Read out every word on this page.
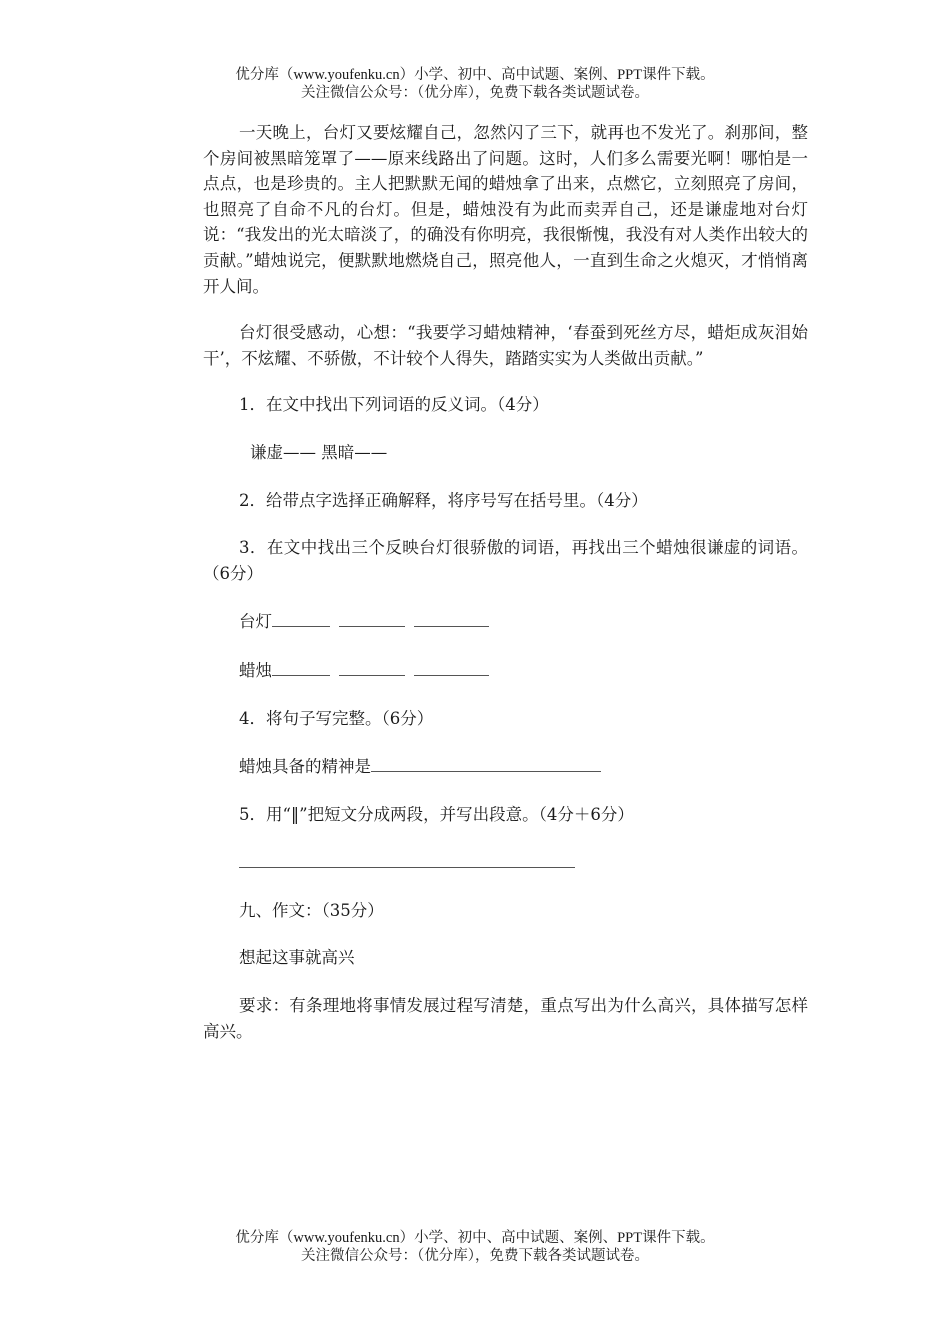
优分库（www.youfenku.cn）小学、初中、高中试题、案例、PPT课件下载。
关注微信公众号：（优分库），免费下载各类试题试卷。

一天晚上，台灯又要炫耀自己，忽然闪了三下，就再也不发光了。刹那间，整个房间被黑暗笼罩了——原来线路出了问题。这时，人们多么需要光啊！哪怕是一点点，也是珍贵的。主人把默默无闻的蜡烛拿了出来，点燃它，立刻照亮了房间，也照亮了自命不凡的台灯。但是，蜡烛没有为此而卖弄自己，还是谦虚地对台灯说：“我发出的光太暗淡了，的确没有你明亮，我很惭愧，我没有对人类作出较大的贡献。”蜡烛说完，便默默地燃烧自己，照亮他人，一直到生命之火熄灭，才悄悄离开人间。

台灯很受感动，心想：“我要学习蜡烛精神，‘春蚕到死丝方尽，蜡炬成灰泪始干’，不炫耀、不骄傲，不计较个人得失，踏踏实实为人类做出贡献。”

1．在文中找出下列词语的反义词。（4分）

谦虚—— 黑暗——

2．给带点字选择正确解释，将序号写在括号里。（4分）

3．在文中找出三个反映台灯很骄傲的词语，再找出三个蜡烛很谦虚的词语。（6分）

台灯

蜡烛

4．将句子写完整。（6分）

蜡烛具备的精神是

5．用“‖”把短文分成两段，并写出段意。（4分＋6分）

九、作文：（35分）

想起这事就高兴

要求：有条理地将事情发展过程写清楚，重点写出为什么高兴，具体描写怎样高兴。

优分库（www.youfenku.cn）小学、初中、高中试题、案例、PPT课件下载。
关注微信公众号：（优分库），免费下载各类试题试卷。
